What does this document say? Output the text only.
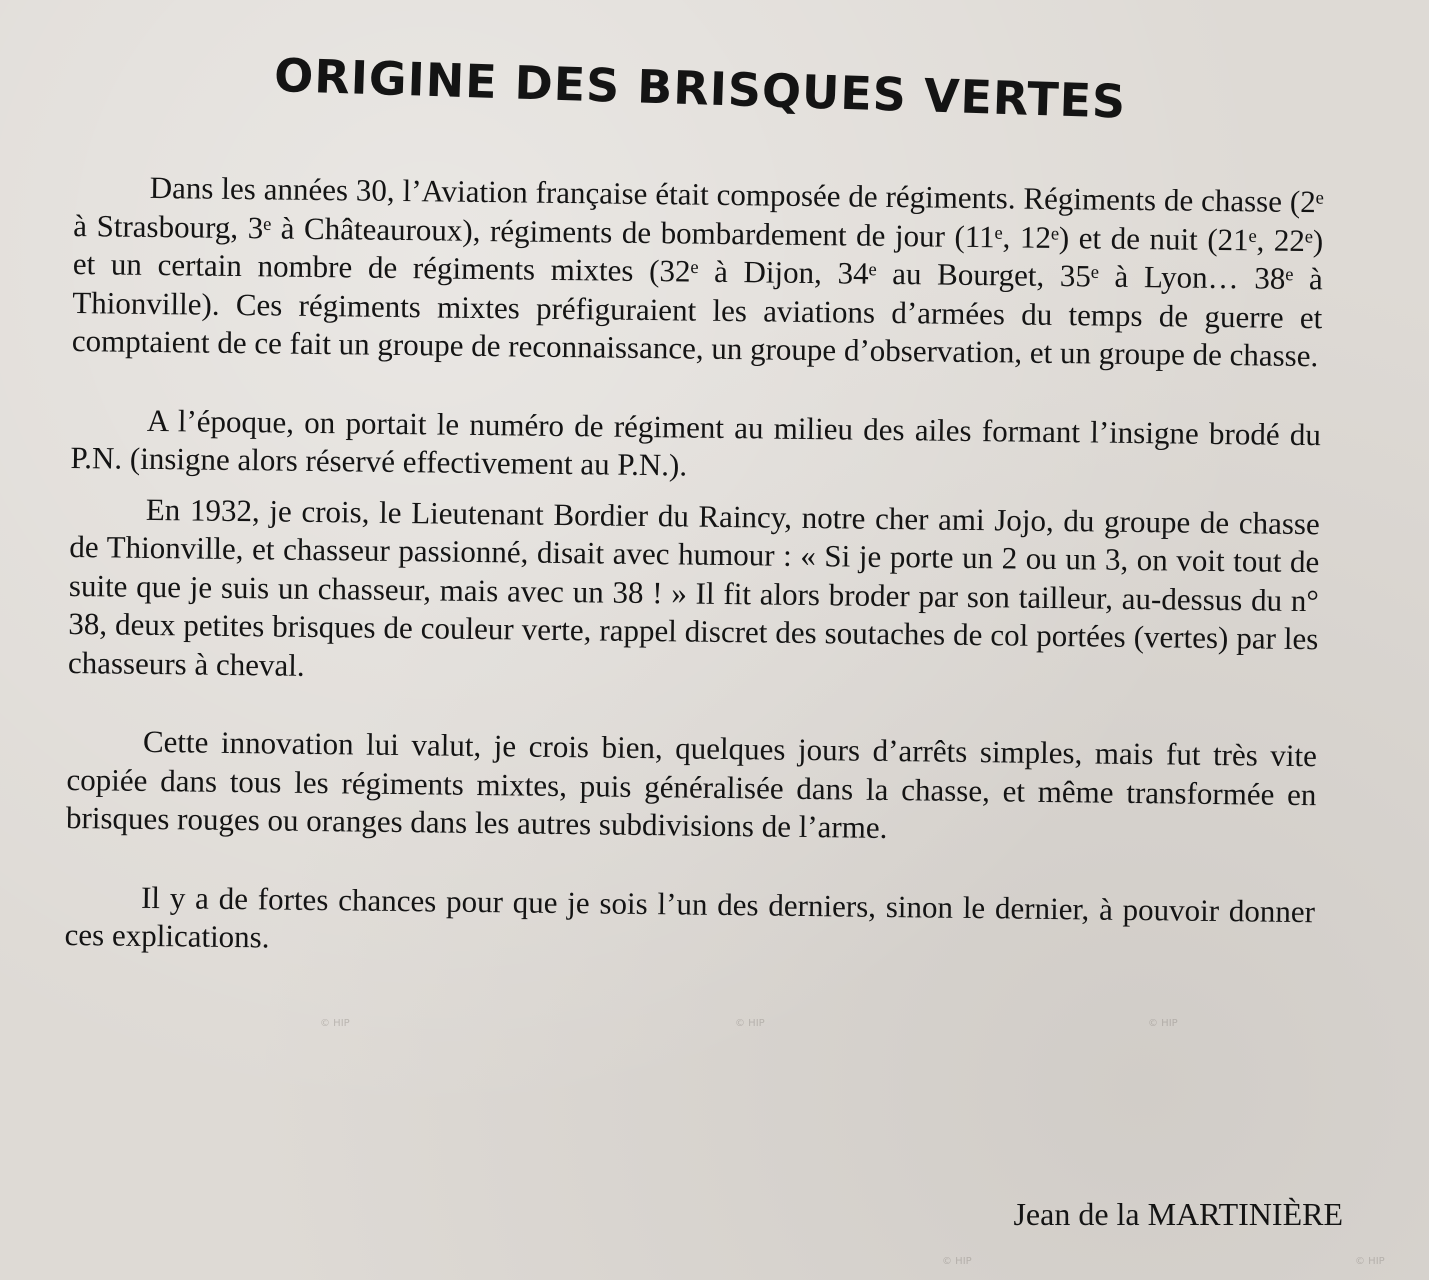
ORIGINE DES BRISQUES VERTES

Dans les années 30, l’Aviation française était composée de régiments. Régiments de chasse (2ᵉ à Strasbourg, 3ᵉ à Châteauroux), régiments de bombardement de jour (11ᵉ, 12ᵉ) et de nuit (21ᵉ, 22ᵉ) et un certain nombre de régiments mixtes (32ᵉ à Dijon, 34ᵉ au Bourget, 35ᵉ à Lyon… 38ᵉ à Thionville). Ces régiments mixtes préfiguraient les aviations d’armées du temps de guerre et comptaient de ce fait un groupe de reconnaissance, un groupe d’observation, et un groupe de chasse.

A l’époque, on portait le numéro de régiment au milieu des ailes formant l’insigne brodé du P.N. (insigne alors réservé effectivement au P.N.).

En 1932, je crois, le Lieutenant Bordier du Raincy, notre cher ami Jojo, du groupe de chasse de Thionville, et chasseur passionné, disait avec humour : « Si je porte un 2 ou un 3, on voit tout de suite que je suis un chasseur, mais avec un 38 ! » Il fit alors broder par son tailleur, au-dessus du n° 38, deux petites brisques de couleur verte, rappel discret des soutaches de col portées (vertes) par les chasseurs à cheval.

Cette innovation lui valut, je crois bien, quelques jours d’arrêts simples, mais fut très vite copiée dans tous les régiments mixtes, puis généralisée dans la chasse, et même transformée en brisques rouges ou oranges dans les autres subdivisions de l’arme.

Il y a de fortes chances pour que je sois l’un des derniers, sinon le dernier, à pouvoir donner ces explications.

Jean de la MARTINIÈRE

© HIP	© HIP	© HIP

© HIP	© HIP
